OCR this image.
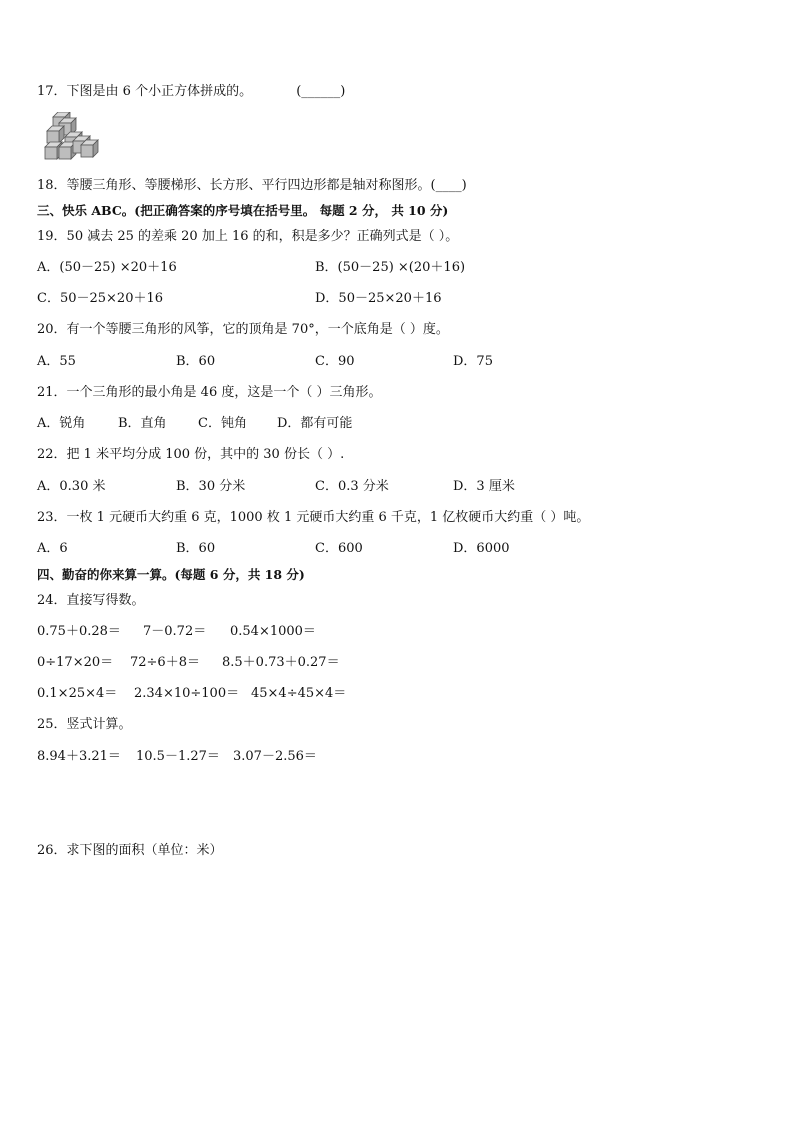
17．下图是由 6 个小正方体拼成的。	(______)
18．等腰三角形、等腰梯形、长方形、平行四边形都是轴对称图形。(____)
三、快乐 ABC。(把正确答案的序号填在括号里。 每题 2 分， 共 10 分)
19．50 减去 25 的差乘 20 加上 16 的和，积是多少？正确列式是（ ）。
A．(50－25) ×20＋16	B．(50－25) ×(20＋16)
C．50－25×20＋16	D．50－25×20＋16
20．有一个等腰三角形的风筝，它的顶角是 70°，一个底角是（ ）度。
A．55	B．60	C．90	D．75
21．一个三角形的最小角是 46 度，这是一个（ ）三角形。
A．锐角	B．直角 C．钝角 D．都有可能
22．把 1 米平均分成 100 份，其中的 30 份长（ ）.
A．0.30 米	B．30 分米	C．0.3 分米	D．3 厘米
23．一枚 1 元硬币大约重 6 克，1000 枚 1 元硬币大约重 6 千克，1 亿枚硬币大约重（ ）吨。
A．6	B．60	C．600	D．6000
四、勤奋的你来算一算。(每题 6 分，共 18 分)
24．直接写得数。
0.75＋0.28＝ 7－0.72＝ 0.54×1000＝
0÷17×20＝ 72÷6＋8＝ 8.5＋0.73＋0.27＝
0.1×25×4＝ 2.34×10÷100＝ 45×4÷45×4＝
25．竖式计算。
8.94＋3.21＝ 10.5－1.27＝ 3.07－2.56＝
26．求下图的面积（单位：米）
